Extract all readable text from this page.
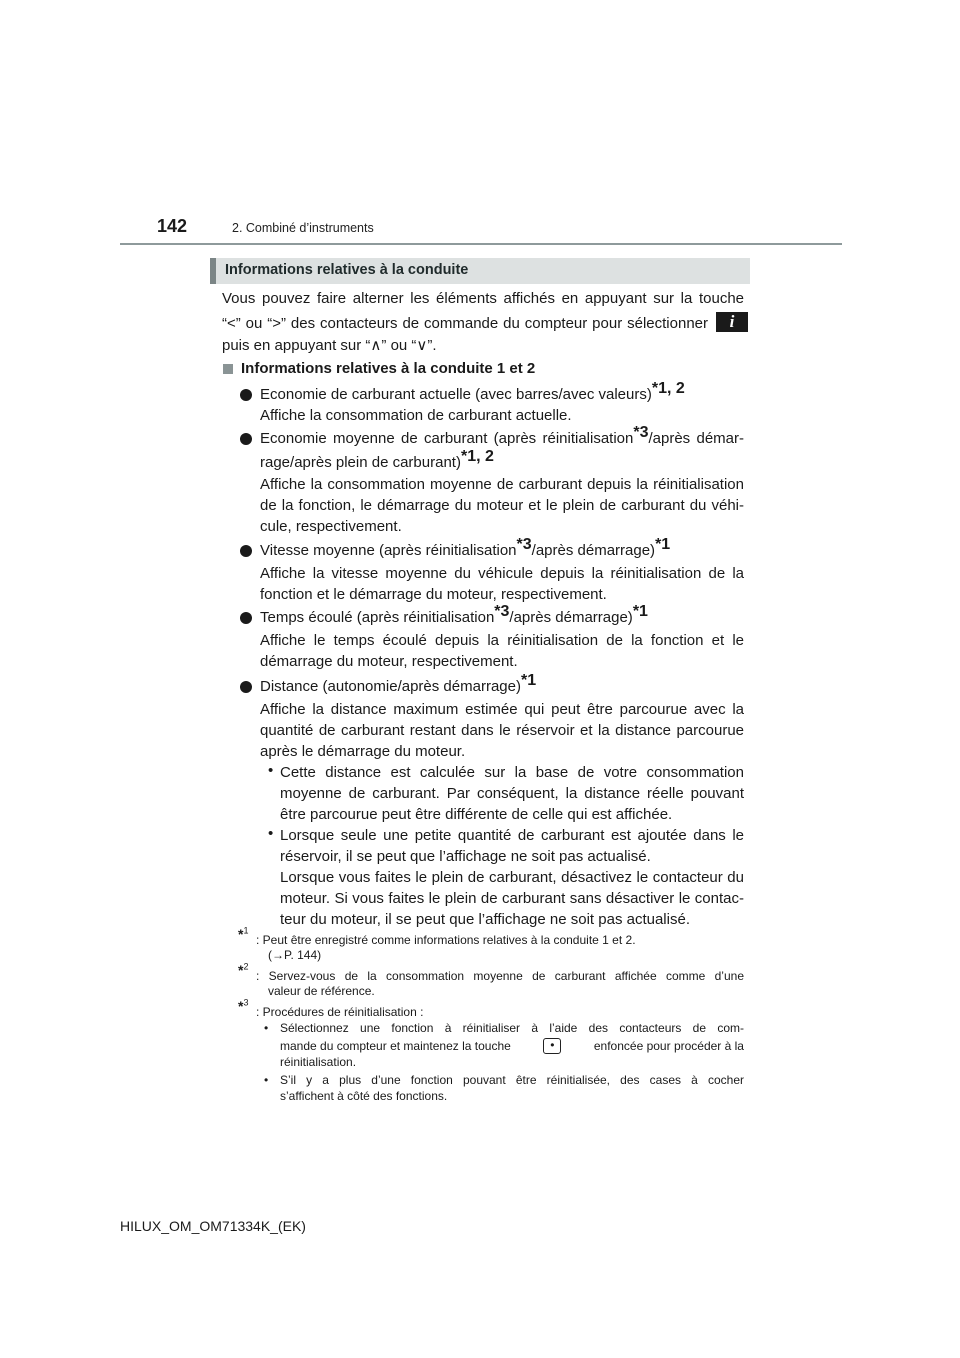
142	2. Combiné d’instruments
Informations relatives à la conduite
Vous pouvez faire alterner les éléments affichés en appuyant sur la touche
“<” ou “>” des contacteurs de commande du compteur pour sélectionner	i
puis en appuyant sur “∧” ou “∨”.
Informations relatives à la conduite 1 et 2
Economie de carburant actuelle (avec barres/avec valeurs)$^{*1, 2}$
Affiche la consommation de carburant actuelle.
Economie moyenne de carburant (après réinitialisation$^{*3}$/après démar-
rage/après plein de carburant)$^{*1, 2}$
Affiche la consommation moyenne de carburant depuis la réinitialisation
de la fonction, le démarrage du moteur et le plein de carburant du véhi-
cule, respectivement.
Vitesse moyenne (après réinitialisation$^{*3}$/après démarrage)$^{*1}$
Affiche la vitesse moyenne du véhicule depuis la réinitialisation de la
fonction et le démarrage du moteur, respectivement.
Temps écoulé (après réinitialisation$^{*3}$/après démarrage)$^{*1}$
Affiche le temps écoulé depuis la réinitialisation de la fonction et le
démarrage du moteur, respectivement.
Distance (autonomie/après démarrage)$^{*1}$
Affiche la distance maximum estimée qui peut être parcourue avec la
quantité de carburant restant dans le réservoir et la distance parcourue
après le démarrage du moteur.
• Cette distance est calculée sur la base de votre consommation
moyenne de carburant. Par conséquent, la distance réelle pouvant
être parcourue peut être différente de celle qui est affichée.
• Lorsque seule une petite quantité de carburant est ajoutée dans le
réservoir, il se peut que l’affichage ne soit pas actualisé.
Lorsque vous faites le plein de carburant, désactivez le contacteur du
moteur. Si vous faites le plein de carburant sans désactiver le contac-
teur du moteur, il se peut que l’affichage ne soit pas actualisé.
*$^1$
: Peut être enregistré comme informations relatives à la conduite 1 et 2.
(→P. 144)
*$^2$
: Servez-vous de la consommation moyenne de carburant affichée comme d’une
valeur de référence.
*$^3$
: Procédures de réinitialisation :
• Sélectionnez une fonction à réinitialiser à l’aide des contacteurs de com-
mande du compteur et maintenez la touche	•	enfoncée pour procéder à la
réinitialisation.
• S’il y a plus d’une fonction pouvant être réinitialisée, des cases à cocher
s’affichent à côté des fonctions.
HILUX_OM_OM71334K_(EK)
